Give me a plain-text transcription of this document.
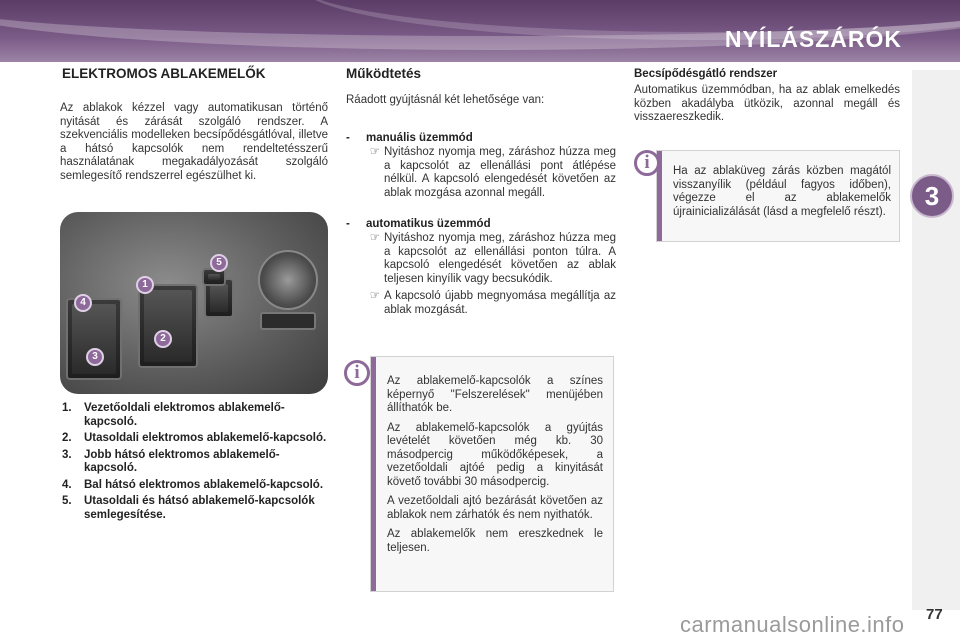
NYÍLÁSZÁRÓK
3
ELEKTROMOS ABLAKEMELŐK

Az ablakok kézzel vagy automatikusan történő nyitását és zárását szolgáló rendszer. A szekvenciális modelleken becsípődésgátlóval, illetve a hátsó kapcsolók nem rendeltetésszerű használatának megakadályozását szolgáló semlegesítő rendszerrel egészülhet ki.

1
2
3
4
5
1.	Vezetőoldali elektromos ablakemelő-kapcsoló.
2.	Utasoldali elektromos ablakemelő-kapcsoló.
3.	Jobb hátsó elektromos ablakemelő-kapcsoló.
4.	Bal hátsó elektromos ablakemelő-kapcsoló.
5.	Utasoldali és hátsó ablakemelő-kapcsolók semlegesítése.
Működtetés

Ráadott gyújtásnál két lehetősége van:

-	manuális üzemmód
☞ Nyitáshoz nyomja meg, záráshoz húzza meg a kapcsolót az ellenállási pont átlépése nélkül. A kapcsoló elengedését követően az ablak mozgása azonnal megáll.
-	automatikus üzemmód
☞ Nyitáshoz nyomja meg, záráshoz húzza meg a kapcsolót az ellenállási ponton túlra. A kapcsoló elengedését követően az ablak teljesen kinyílik vagy becsukódik.
☞ A kapcsoló újabb megnyomása megállítja az ablak mozgását.

Az ablakemelő-kapcsolók a színes képernyő "Felszerelések" menüjében állíthatók be.

Az ablakemelő-kapcsolók a gyújtás levételét követően még kb. 30 másodpercig működőképesek, a vezetőoldali ajtóé pedig a kinyitását követő további 30 másodpercig.

A vezetőoldali ajtó bezárását követően az ablakok nem zárhatók és nem nyithatók.

Az ablakemelők nem ereszkednek le teljesen.

i
Becsípődésgátló rendszer

Automatikus üzemmódban, ha az ablak emelkedés közben akadályba ütközik, azonnal megáll és visszaereszkedik.

Ha az ablaküveg zárás közben magától visszanyílik (például fagyos időben), végezze el az ablakemelők újrainicializálását (lásd a megfelelő részt).

i
carmanualsonline.info 77
